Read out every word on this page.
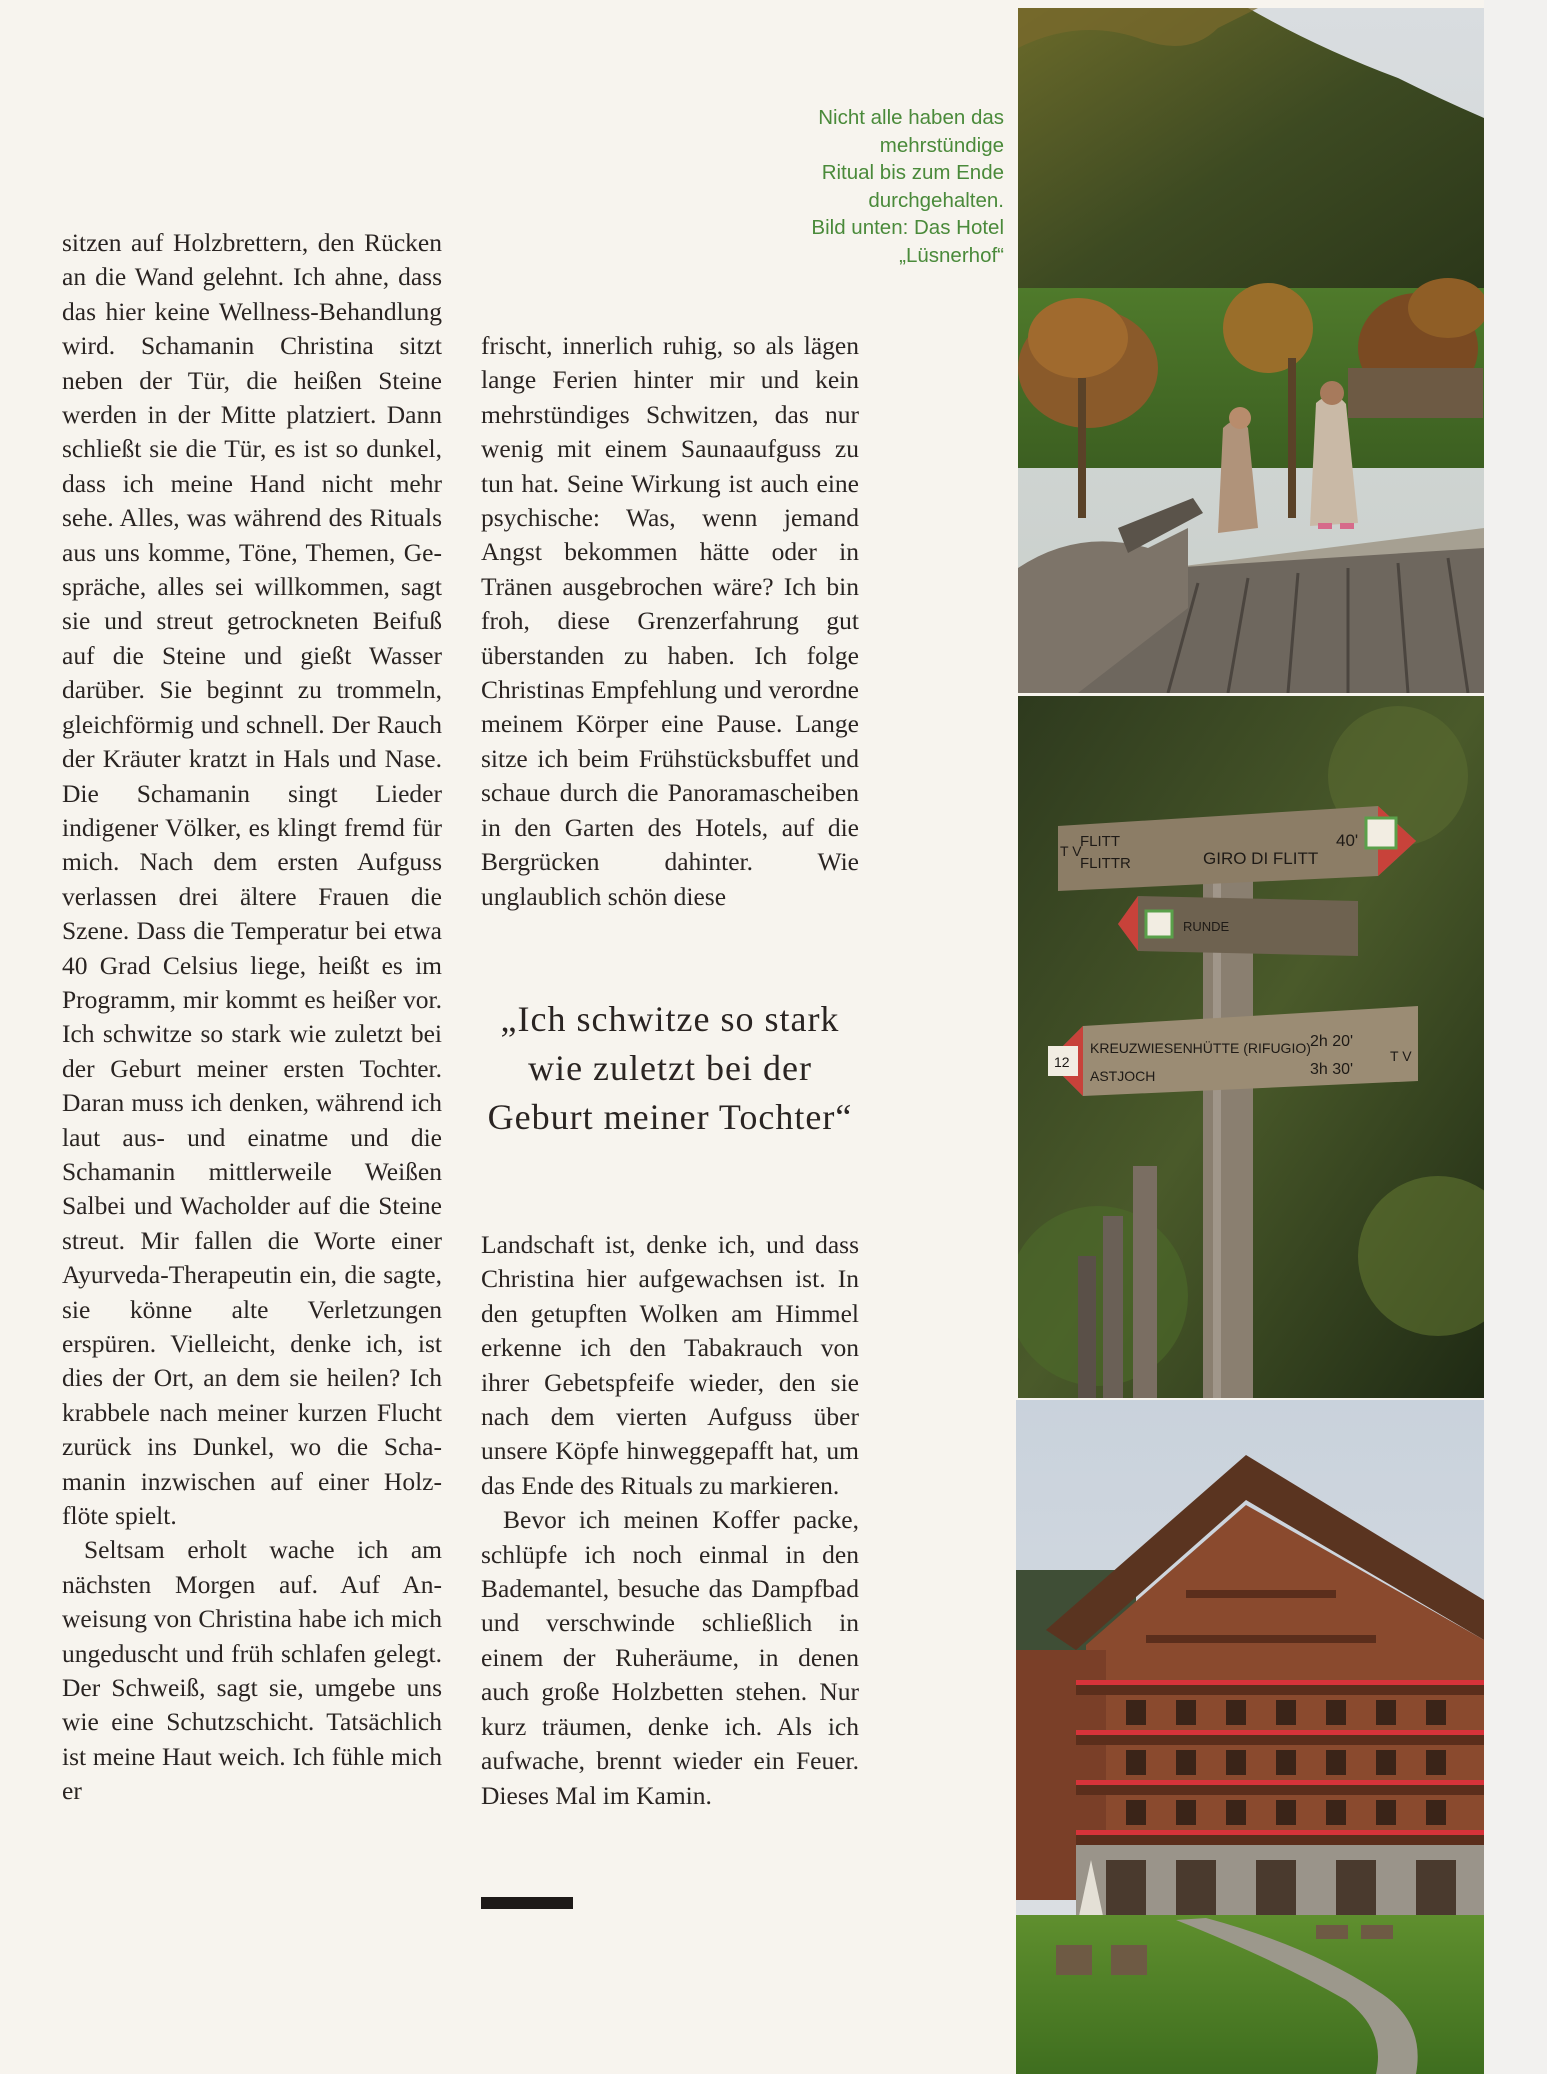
Nicht alle haben das
mehrstündige
Ritual bis zum Ende
durchgehalten.
Bild unten: Das Hotel
„Lüsnerhof“

sitzen auf Holzbrettern, den Rücken an die Wand gelehnt. Ich ahne, dass das hier keine Wellness-Behandlung wird. Schamanin Christina sitzt neben der Tür, die heißen Steine werden in der Mitte platziert. Dann schließt sie die Tür, es ist so dunkel, dass ich meine Hand nicht mehr sehe. Alles, was während des Rituals aus uns komme, Töne, Themen, Gespräche, alles sei willkommen, sagt sie und streut getrockneten Beifuß auf die Steine und gießt Wasser darüber. Sie beginnt zu trommeln, gleichförmig und schnell. Der Rauch der Kräuter kratzt in Hals und Nase. Die Schamanin singt Lieder indigener Völker, es klingt fremd für mich. Nach dem ersten Aufguss verlassen drei ältere Frauen die Szene. Dass die Temperatur bei etwa 40 Grad Celsius liege, heißt es im Programm, mir kommt es heißer vor. Ich schwitze so stark wie zuletzt bei der Geburt meiner ersten Tochter. Daran muss ich denken, während ich laut aus- und einatme und die Schamanin mittlerweile Weißen Salbei und Wacholder auf die Steine streut. Mir fallen die Worte einer Ayurveda-Therapeutin ein, die sagte, sie könne alte Verletzungen erspüren. Vielleicht, denke ich, ist dies der Ort, an dem sie heilen? Ich krabbele nach meiner kurzen Flucht zurück ins Dunkel, wo die Schamanin inzwischen auf einer Holzflöte spielt.

Seltsam erholt wache ich am nächsten Morgen auf. Auf Anweisung von Christina habe ich mich ungeduscht und früh schlafen gelegt. Der Schweiß, sagt sie, umgebe uns wie eine Schutzschicht. Tatsächlich ist meine Haut weich. Ich fühle mich er

frischt, innerlich ruhig, so als lägen lange Ferien hinter mir und kein mehrstündiges Schwitzen, das nur wenig mit einem Saunaaufguss zu tun hat. Seine Wirkung ist auch eine psychische: Was, wenn jemand Angst bekommen hätte oder in Tränen ausgebrochen wäre? Ich bin froh, diese Grenzerfahrung gut überstanden zu haben. Ich folge Christinas Empfehlung und verordne meinem Körper eine Pause. Lange sitze ich beim Frühstücksbuffet und schaue durch die Panoramascheiben in den Garten des Hotels, auf die Bergrücken dahinter. Wie unglaublich schön diese

„Ich schwitze so stark wie zuletzt bei der Geburt meiner Tochter“

Landschaft ist, denke ich, und dass Christina hier aufgewachsen ist. In den getupften Wolken am Himmel erkenne ich den Tabakrauch von ihrer Gebetspfeife wieder, den sie nach dem vierten Aufguss über unsere Köpfe hinweggepafft hat, um das Ende des Rituals zu markieren.

Bevor ich meinen Koffer packe, schlüpfe ich noch einmal in den Bademantel, besuche das Dampfbad und verschwinde schließlich in einem der Ruheräume, in denen auch große Holzbetten stehen. Nur kurz träumen, denke ich. Als ich aufwache, brennt wieder ein Feuer. Dieses Mal im Kamin.

T V
FLITT
FLITTR	GIRO DI FLITT
40'
RUNDE
12
KREUZWIESENHÜTTE (RIFUGIO)
ASTJOCH
2h 20'
3h 30'
T V
